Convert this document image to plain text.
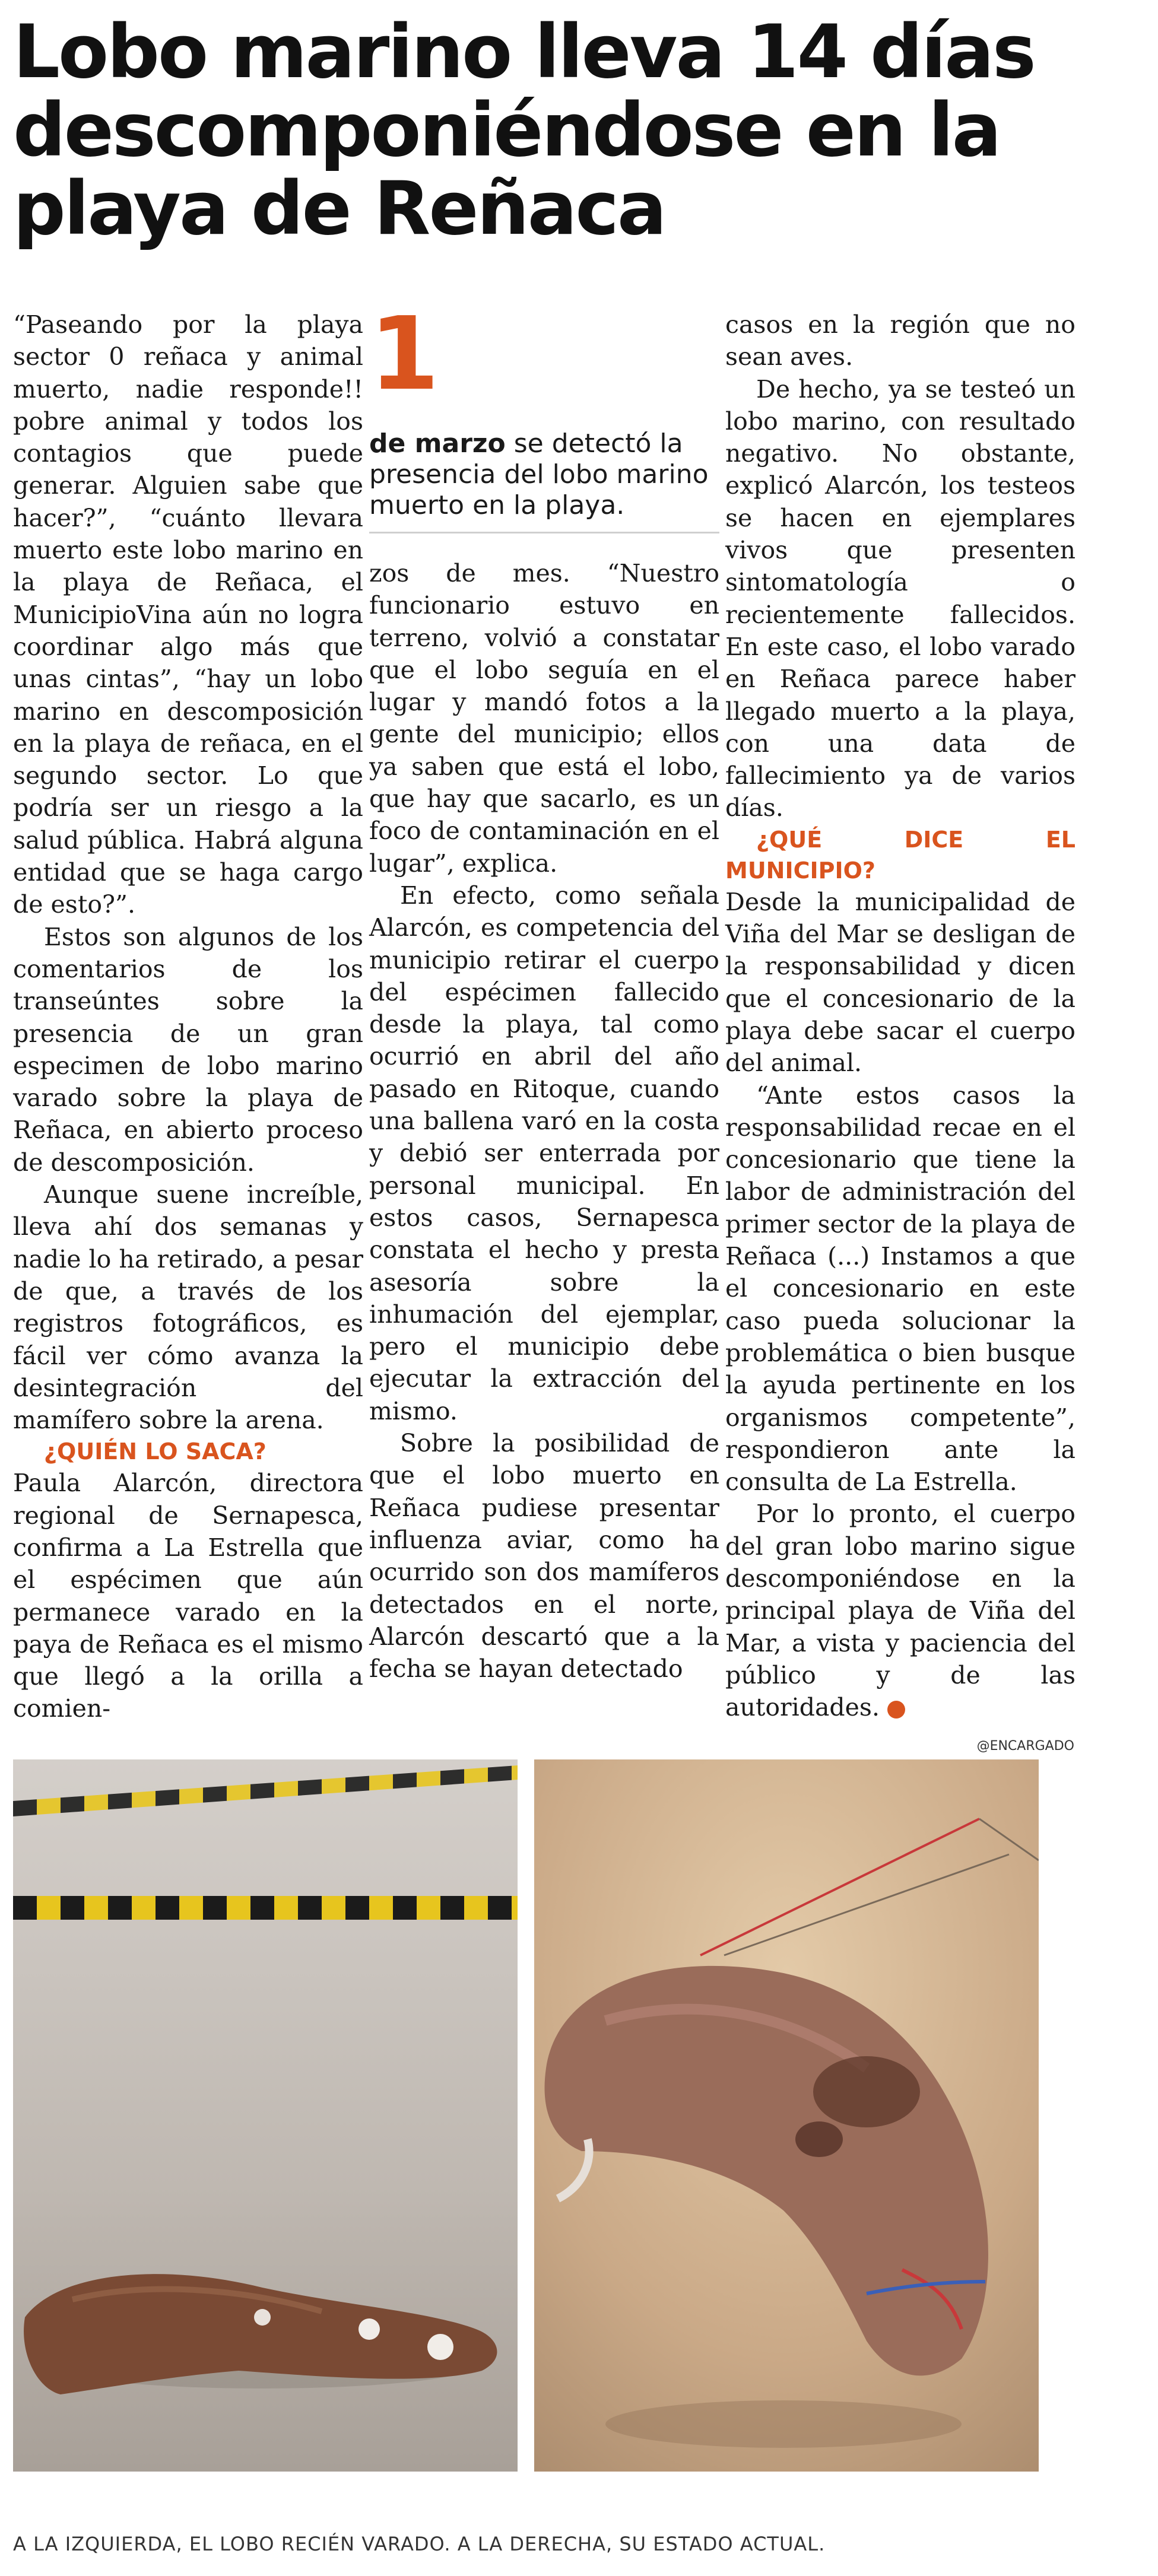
Lobo marino lleva 14 días descomponiéndose en la playa de Reñaca

“Paseando por la playa sector 0 reñaca y animal muerto, nadie responde!! pobre animal y todos los contagios que puede generar. Alguien sabe que hacer?”, “cuánto llevara muerto este lobo marino en la playa de Reñaca, el MunicipioVina aún no logra coordinar algo más que unas cintas”, “hay un lobo marino en descomposición en la playa de reñaca, en el segundo sector. Lo que podría ser un riesgo a la salud pública. Habrá alguna entidad que se haga cargo de esto?”.

Estos son algunos de los comentarios de los transeúntes sobre la presencia de un gran especimen de lobo marino varado sobre la playa de Reñaca, en abierto proceso de descomposición.

Aunque suene increíble, lleva ahí dos semanas y nadie lo ha retirado, a pesar de que, a través de los registros fotográficos, es fácil ver cómo avanza la desintegración del mamífero sobre la arena.

¿QUIÉN LO SACA?

Paula Alarcón, directora regional de Sernapesca, confirma a La Estrella que el espécimen que aún permanece varado en la paya de Reñaca es el mismo que llegó a la orilla a comien-

1
de marzo se detectó la presencia del lobo marino muerto en la playa.

zos de mes. “Nuestro funcionario estuvo en terreno, volvió a constatar que el lobo seguía en el lugar y mandó fotos a la gente del municipio; ellos ya saben que está el lobo, que hay que sacarlo, es un foco de contaminación en el lugar”, explica.

En efecto, como señala Alarcón, es competencia del municipio retirar el cuerpo del espécimen fallecido desde la playa, tal como ocurrió en abril del año pasado en Ritoque, cuando una ballena varó en la costa y debió ser enterrada por personal municipal. En estos casos, Sernapesca constata el hecho y presta asesoría sobre la inhumación del ejemplar, pero el municipio debe ejecutar la extracción del mismo.

Sobre la posibilidad de que el lobo muerto en Reñaca pudiese presentar influenza aviar, como ha ocurrido son dos mamíferos detectados en el norte, Alarcón descartó que a la fecha se hayan detectado

casos en la región que no sean aves.

De hecho, ya se testeó un lobo marino, con resultado negativo. No obstante, explicó Alarcón, los testeos se hacen en ejemplares vivos que presenten sintomatología o recientemente fallecidos. En este caso, el lobo varado en Reñaca parece haber llegado muerto a la playa, con una data de fallecimiento ya de varios días.

¿QUÉ DICE EL MUNICIPIO?

Desde la municipalidad de Viña del Mar se desligan de la responsabilidad y dicen que el concesionario de la playa debe sacar el cuerpo del animal.

“Ante estos casos la responsabilidad recae en el concesionario que tiene la labor de administración del primer sector de la playa de Reñaca (...) Instamos a que el concesionario en este caso pueda solucionar la problemática o bien busque la ayuda pertinente en los organismos competente”, respondieron ante la consulta de La Estrella.

Por lo pronto, el cuerpo del gran lobo marino sigue descomponiéndose en la principal playa de Viña del Mar, a vista y paciencia del público y de las autoridades.	✪

@ENCARGADO
A LA IZQUIERDA, EL LOBO RECIÉN VARADO. A LA DERECHA, SU ESTADO ACTUAL.
